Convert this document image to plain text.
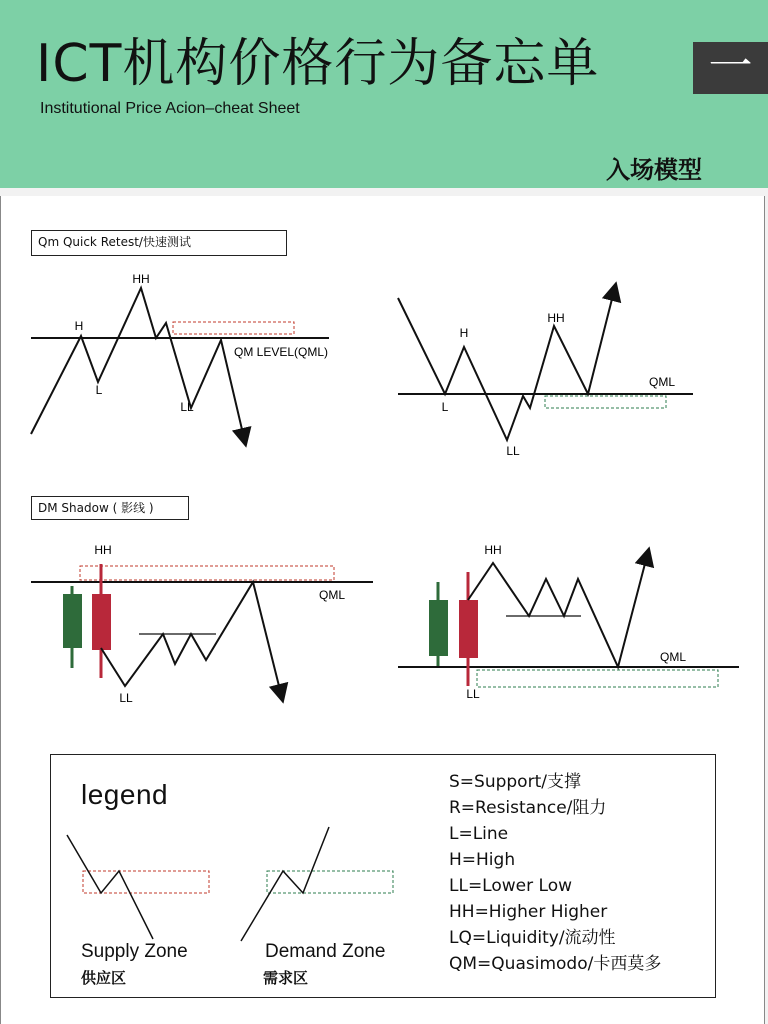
ICT机构价格行为备忘单
Institutional Price Acion–cheat Sheet
一
入场模型
Qm Quick Retest/快速测试
HH
H
L
LL
QM LEVEL(QML)
H
HH
L
LL
QML
HH
LL
QML
HH
LL
QML
DM Shadow ( 影线 )
legend
Supply Zone
供应区
Demand Zone
需求区
S=Support/支撑
R=Resistance/阻力
L=Line
H=High
LL=Lower Low
HH=Higher Higher
LQ=Liquidity/流动性
QM=Quasimodo/卡西莫多
